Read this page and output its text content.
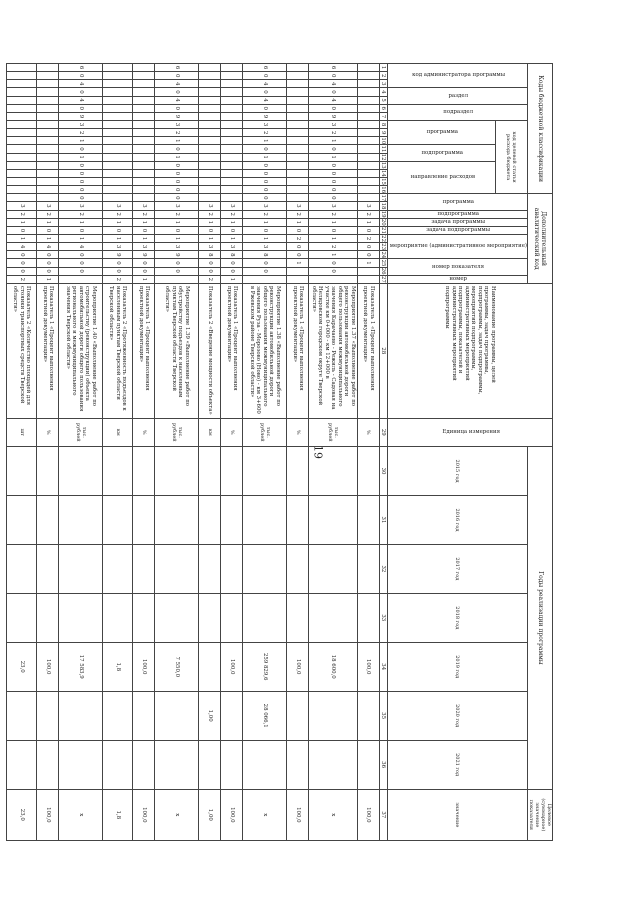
19
Коды бюджетной классификации																Дополнительный аналитический код											Наименование программы, целей программы, задач программы, подпрограммы, задач подпрограммы, мероприятий подпрограммы, административных мероприятий подпрограммы, показателей и административных мероприятий подпрограммы	Единица измерения	Годы реализации программы							Целевое (суммарное) значение показателя
код администратора программы			раздел		подраздел		код целевой статьи расхода бюджета									программа		подпрограмма	задача программы	задача подпрограммы	мероприятие (административное мероприятие)			номер показателя		номер			2015 год	2016 год	2017 год	2018 год	2019 год	2020 год	2021 год	значение
							программа			подпрограмма		направление расходов																								
1	2	3	4	5	6	7	8	9	10	11	12	13	14	15	16	17	18	19	20	21	22	23	24	25	26	27	28	29	30	31	32	33	34	35	36	37
																	3	2	1	0	2	0	0	1			Показатель 1 «Процент выполнения проектной документации»	%					100,0			100,0
6	0	4	0	4	0	9	3	2	1	0	1	0	0	0	0	0	3	2	1	0	1	2	1	0	0		Мероприятие 1.37 «Выполнение работ по реконструкции автомобильной дороги общего пользования межмуниципального значения Карачаево - Режиль - Садовая на участке км 0+000 - км 12+000 в Нелидовском городском округе Тверской области»	тыс. рублей					18 600,0			х
																	3	2	1	0	2	0	0	1			Показатель 1 «Процент выполнения проектной документации»	%					100,0			100,0
6	0	4	0	4	0	9	3	2	1	0	1	0	0	0	0	0	3	2	1	0	1	3	8	0	0		Мероприятие 1.38 «Выполнение работ по реконструкции автомобильной дороги общего пользования межмуниципального значения Руза - Морозово (Ново) - км 3+600 в Ржевском районе Тверской области»	тыс. рублей					259 829,6	28 066,1		х
																	3	2	1	0	1	3	8	0	0	1	Показатель 1 «Процент выполнения проектной документации»	%					100,0			100,0
																	3	2	1	0	1	3	8	0	0	2	Показатель 2 «Введение мощности объекта»	км						1,00		1,00
6	0	4	0	4	0	9	3	2	1	0	1	0	0	0	0	0	3	2	1	0	1	3	9	0	0		Мероприятие 1.39 «Выполнение работ по обустройству подъездов к населенным пунктам Тверской области Тверской области»	тыс. рублей					7 550,0			х
																	3	2	1	0	1	3	9	0	0	1	Показатель 1 «Процент выполнения проектной документации»	%					100,0			100,0
																	3	2	1	0	1	3	9	0	0	2	Показатель 2 «Протяженность подъездов к населенным пунктам Тверской области Тверской области»	км					1,8			1,8
6	0	4	0	4	0	9	3	2	1	0	1	0	0	0	0	0	3	2	1	0	1	4	0	0	0		Мероприятие 1.40 «Выполнение работ по строительству (реконструкции) объекта автомобильной дороги общего пользования регионального и межмуниципального значения Тверской области»	тыс. рублей					17 583,9			х
																	3	2	1	0	1	4	0	0	0	1	Показатель 1 «Процент выполнения проектной документации»	%					100,0			100,0
																	3	2	1	0	1	4	0	0	0	2	Показатель 2 «Количество площадей для стоянки транспортных средств Тверской области»	шт					23,0			23,0
